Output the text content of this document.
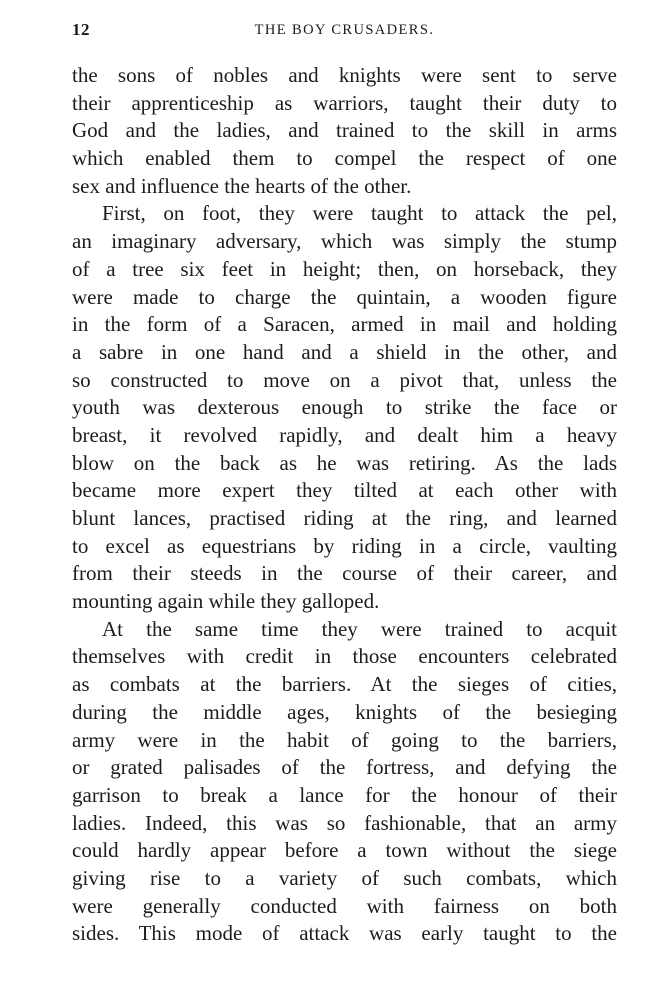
12	THE BOY CRUSADERS.
the sons of nobles and knights were sent to serve
their apprenticeship as warriors, taught their duty to
God and the ladies, and trained to the skill in arms
which enabled them to compel the respect of one
sex and influence the hearts of the other.
First, on foot, they were taught to attack the pel,
an imaginary adversary, which was simply the stump
of a tree six feet in height; then, on horseback, they
were made to charge the quintain, a wooden figure
in the form of a Saracen, armed in mail and holding
a sabre in one hand and a shield in the other, and
so constructed to move on a pivot that, unless the
youth was dexterous enough to strike the face or
breast, it revolved rapidly, and dealt him a heavy
blow on the back as he was retiring. As the lads
became more expert they tilted at each other with
blunt lances, practised riding at the ring, and learned
to excel as equestrians by riding in a circle, vaulting
from their steeds in the course of their career, and
mounting again while they galloped.
At the same time they were trained to acquit
themselves with credit in those encounters celebrated
as combats at the barriers. At the sieges of cities,
during the middle ages, knights of the besieging
army were in the habit of going to the barriers,
or grated palisades of the fortress, and defying the
garrison to break a lance for the honour of their
ladies. Indeed, this was so fashionable, that an army
could hardly appear before a town without the siege
giving rise to a variety of such combats, which
were generally conducted with fairness on both
sides. This mode of attack was early taught to the
